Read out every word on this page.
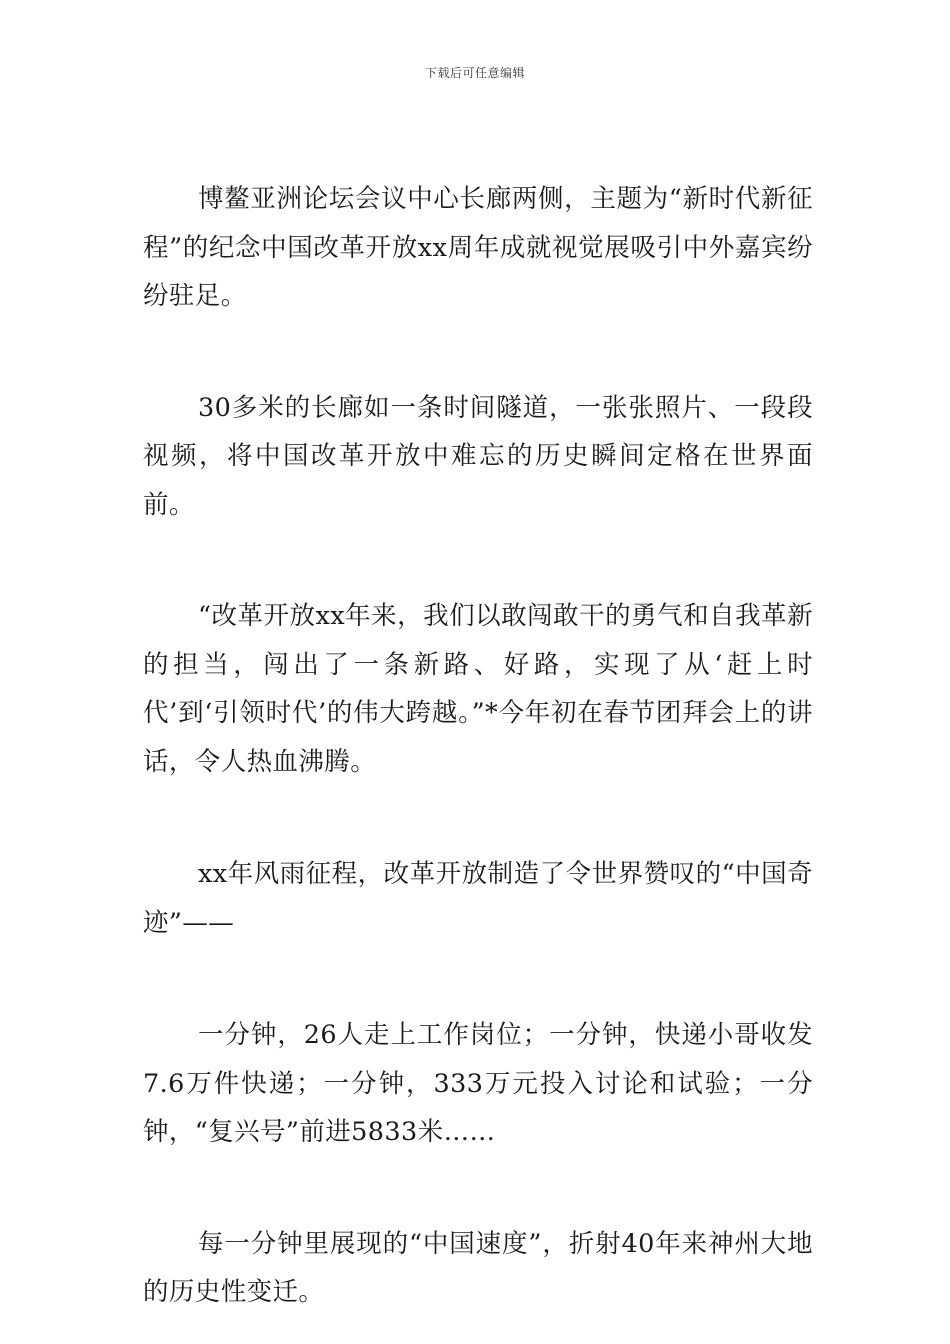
下载后可任意编辑

博鳌亚洲论坛会议中心长廊两侧，主题为“新时代新征程”的纪念中国改革开放xx周年成就视觉展吸引中外嘉宾纷纷驻足。

30多米的长廊如一条时间隧道，一张张照片、一段段视频，将中国改革开放中难忘的历史瞬间定格在世界面前。

“改革开放xx年来，我们以敢闯敢干的勇气和自我革新的担当，闯出了一条新路、好路，实现了从‘赶上时代’到‘引领时代’的伟大跨越。”*今年初在春节团拜会上的讲话，令人热血沸腾。

xx年风雨征程，改革开放制造了令世界赞叹的“中国奇迹”——

一分钟，26人走上工作岗位；一分钟，快递小哥收发7.6万件快递；一分钟，333万元投入讨论和试验；一分钟，“复兴号”前进5833米……

每一分钟里展现的“中国速度”，折射40年来神州大地的历史性变迁。
